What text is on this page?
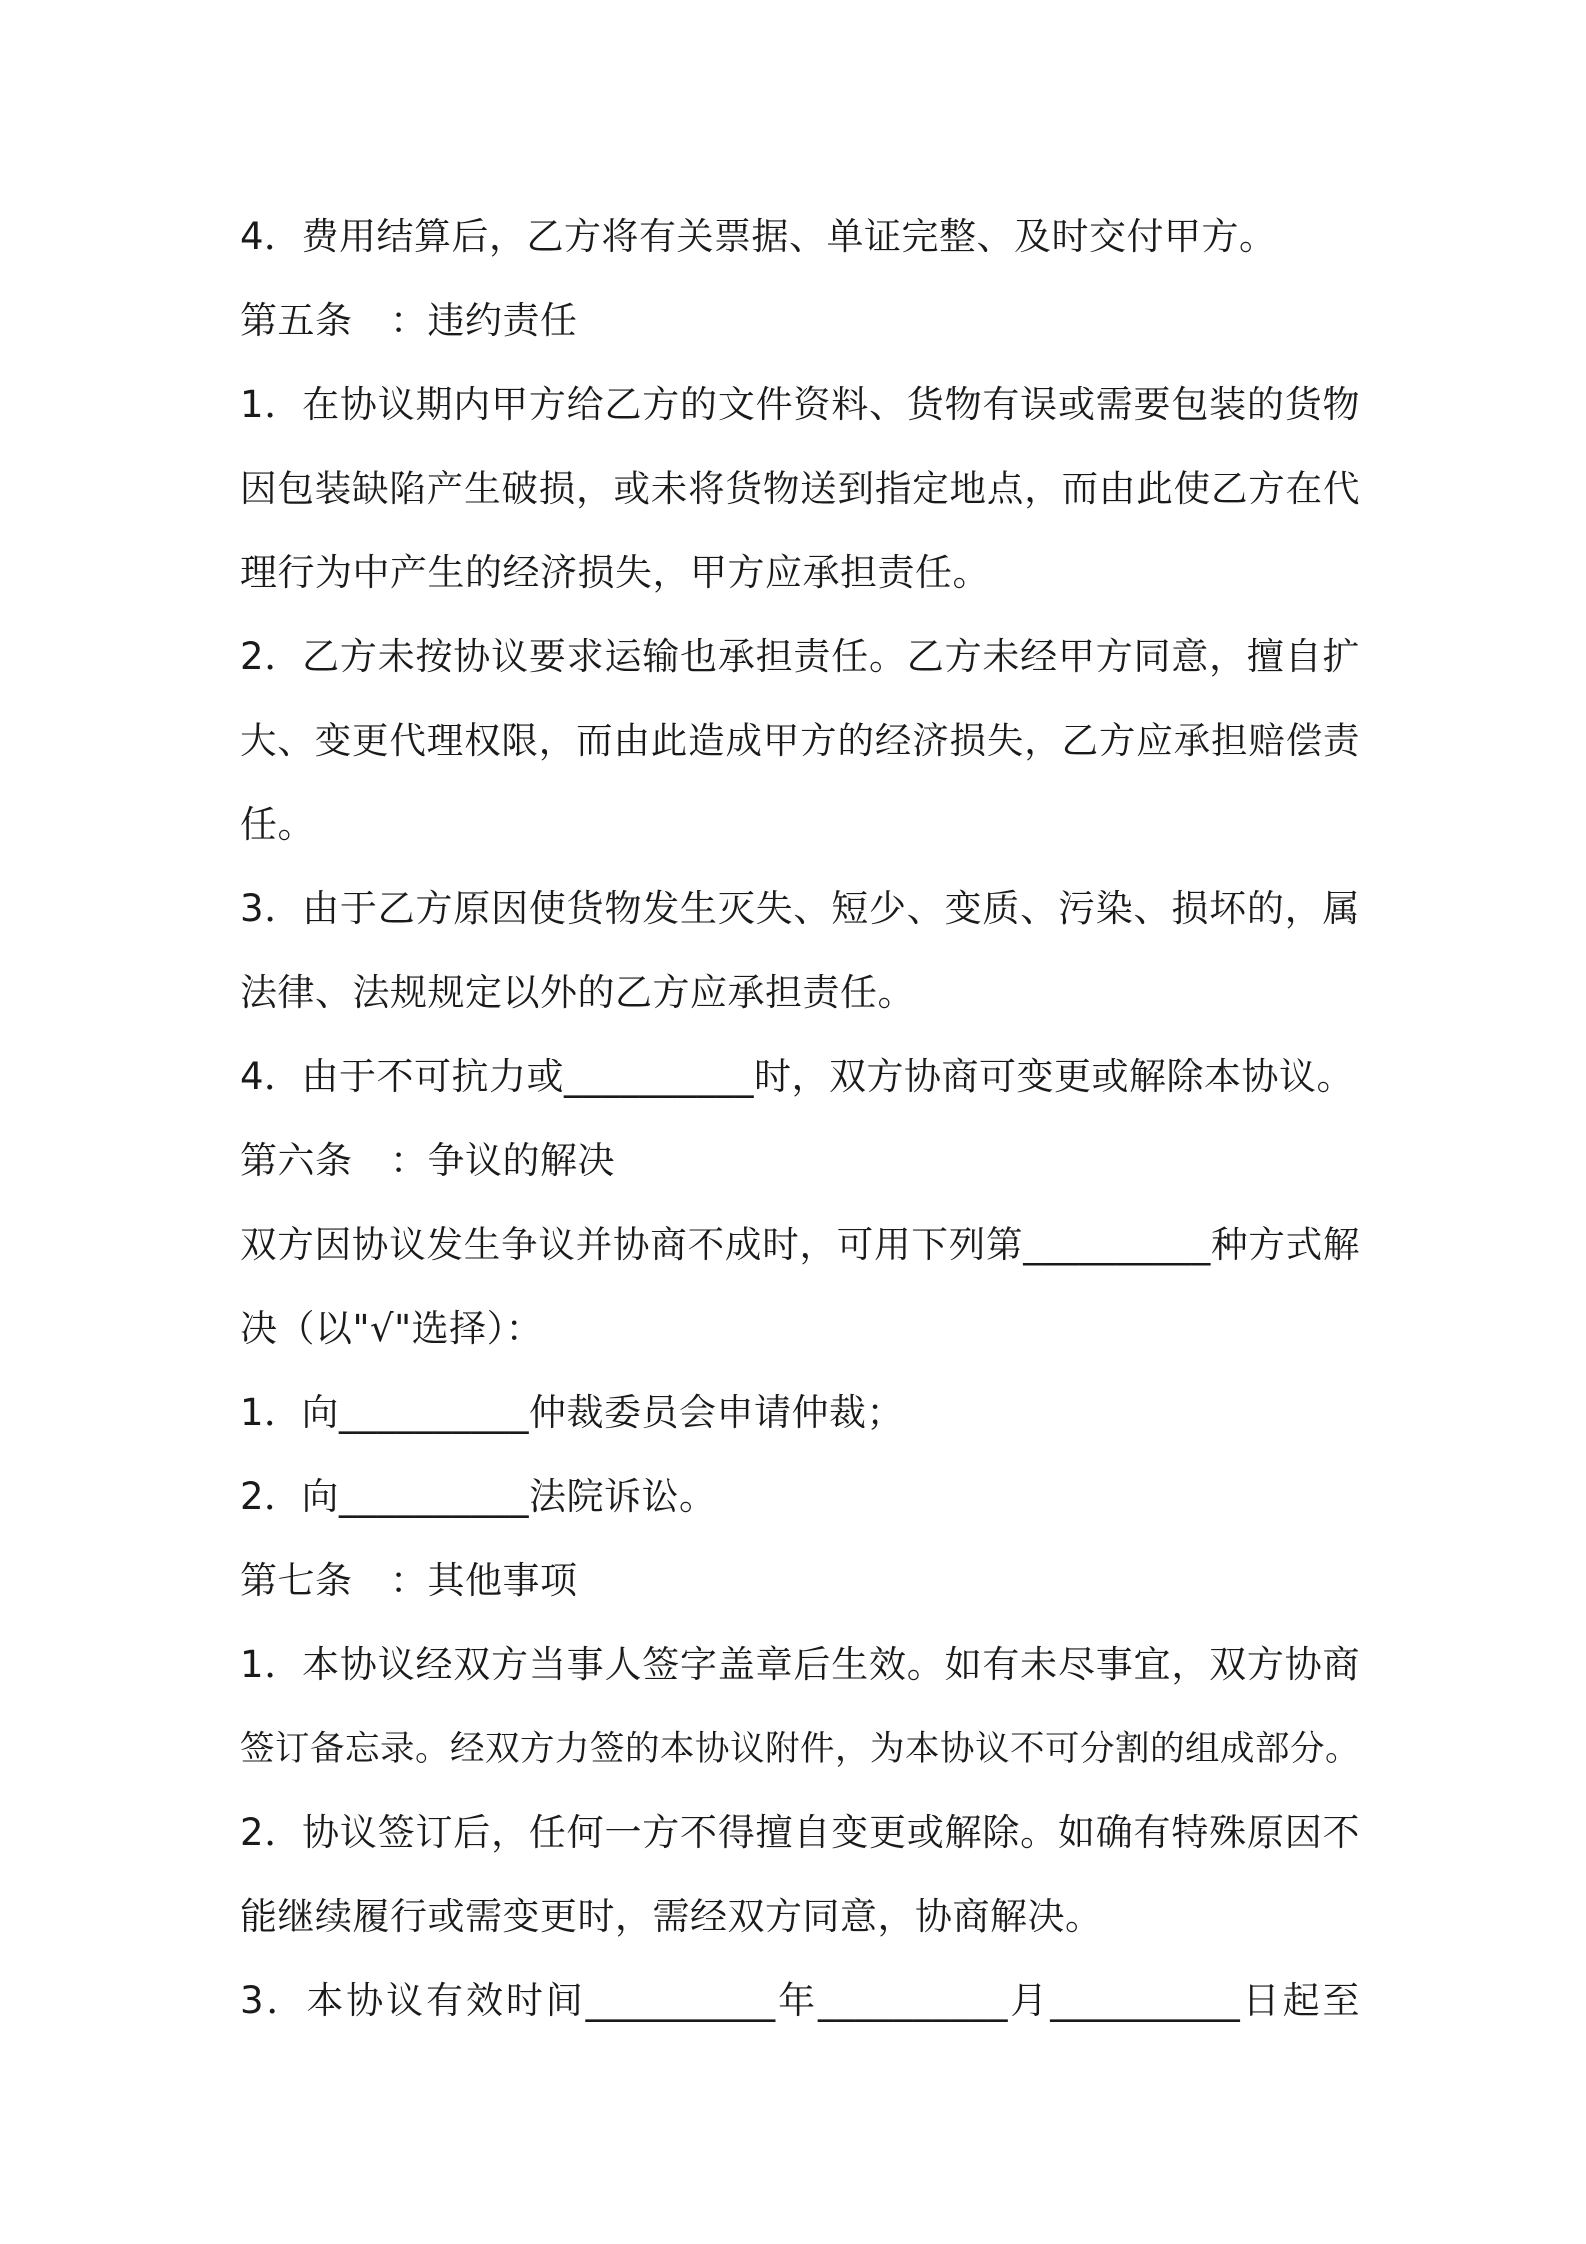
4．费用结算后，乙方将有关票据、单证完整、及时交付甲方。
第五条　：违约责任
1．在协议期内甲方给乙方的文件资料、货物有误或需要包装的货物
因包装缺陷产生破损，或未将货物送到指定地点，而由此使乙方在代
理行为中产生的经济损失，甲方应承担责任。
2．乙方未按协议要求运输也承担责任。乙方未经甲方同意，擅自扩
大、变更代理权限，而由此造成甲方的经济损失，乙方应承担赔偿责
任。
3．由于乙方原因使货物发生灭失、短少、变质、污染、损坏的，属
法律、法规规定以外的乙方应承担责任。
4．由于不可抗力或__________时，双方协商可变更或解除本协议。
第六条　：争议的解决
双方因协议发生争议并协商不成时，可用下列第__________种方式解
决（以"√"选择）：
1．向__________仲裁委员会申请仲裁；
2．向__________法院诉讼。
第七条　：其他事项
1．本协议经双方当事人签字盖章后生效。如有未尽事宜，双方协商
签订备忘录。经双方力签的本协议附件，为本协议不可分割的组成部分。
2．协议签订后，任何一方不得擅自变更或解除。如确有特殊原因不
能继续履行或需变更时，需经双方同意，协商解决。
3．本协议有效时间__________年__________月__________日起至
